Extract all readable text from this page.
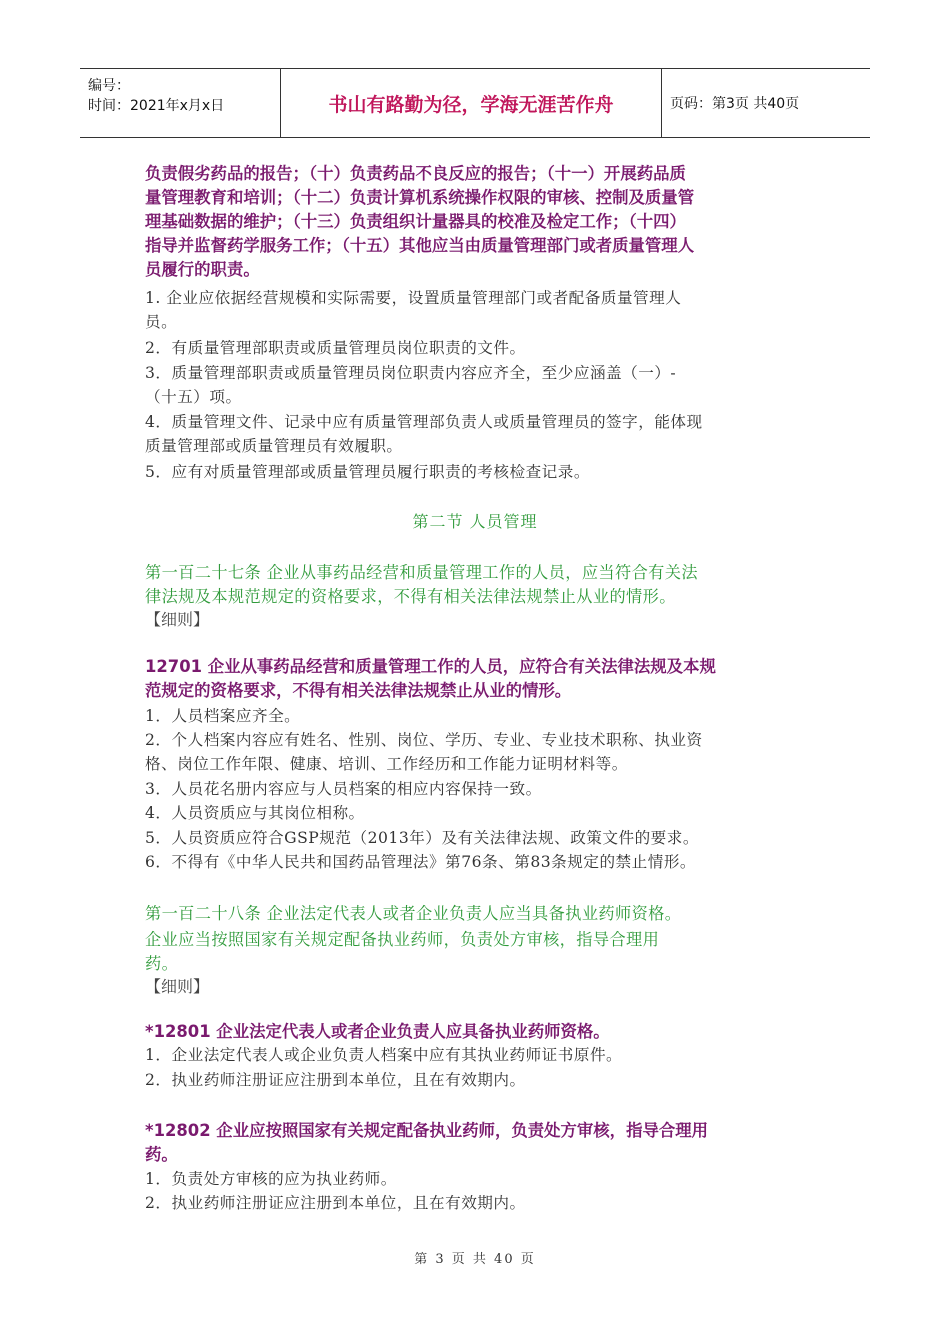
编号：
时间：2021年x月x日	书山有路勤为径，学海无涯苦作舟	页码：第3页 共40页
负责假劣药品的报告；（十）负责药品不良反应的报告；（十一）开展药品质
量管理教育和培训；（十二）负责计算机系统操作权限的审核、控制及质量管
理基础数据的维护；（十三）负责组织计量器具的校准及检定工作；（十四）
指导并监督药学服务工作；（十五）其他应当由质量管理部门或者质量管理人
员履行的职责。
1. 企业应依据经营规模和实际需要，设置质量管理部门或者配备质量管理人
员。
2．有质量管理部职责或质量管理员岗位职责的文件。
3．质量管理部职责或质量管理员岗位职责内容应齐全，至少应涵盖（一）-
（十五）项。
4．质量管理文件、记录中应有质量管理部负责人或质量管理员的签字，能体现
质量管理部或质量管理员有效履职。
5．应有对质量管理部或质量管理员履行职责的考核检查记录。
第二节 人员管理
第一百二十七条 企业从事药品经营和质量管理工作的人员，应当符合有关法
律法规及本规范规定的资格要求，不得有相关法律法规禁止从业的情形。
【细则】
12701 企业从事药品经营和质量管理工作的人员，应符合有关法律法规及本规
范规定的资格要求，不得有相关法律法规禁止从业的情形。
1．人员档案应齐全。
2．个人档案内容应有姓名、性别、岗位、学历、专业、专业技术职称、执业资
格、岗位工作年限、健康、培训、工作经历和工作能力证明材料等。
3．人员花名册内容应与人员档案的相应内容保持一致。
4．人员资质应与其岗位相称。
5．人员资质应符合GSP规范（2013年）及有关法律法规、政策文件的要求。
6．不得有《中华人民共和国药品管理法》第76条、第83条规定的禁止情形。
第一百二十八条 企业法定代表人或者企业负责人应当具备执业药师资格。
企业应当按照国家有关规定配备执业药师，负责处方审核，指导合理用
药。
【细则】
*12801 企业法定代表人或者企业负责人应具备执业药师资格。
1．企业法定代表人或企业负责人档案中应有其执业药师证书原件。
2．执业药师注册证应注册到本单位，且在有效期内。
*12802 企业应按照国家有关规定配备执业药师，负责处方审核，指导合理用
药。
1．负责处方审核的应为执业药师。
2．执业药师注册证应注册到本单位，且在有效期内。
第 3 页 共 40 页
